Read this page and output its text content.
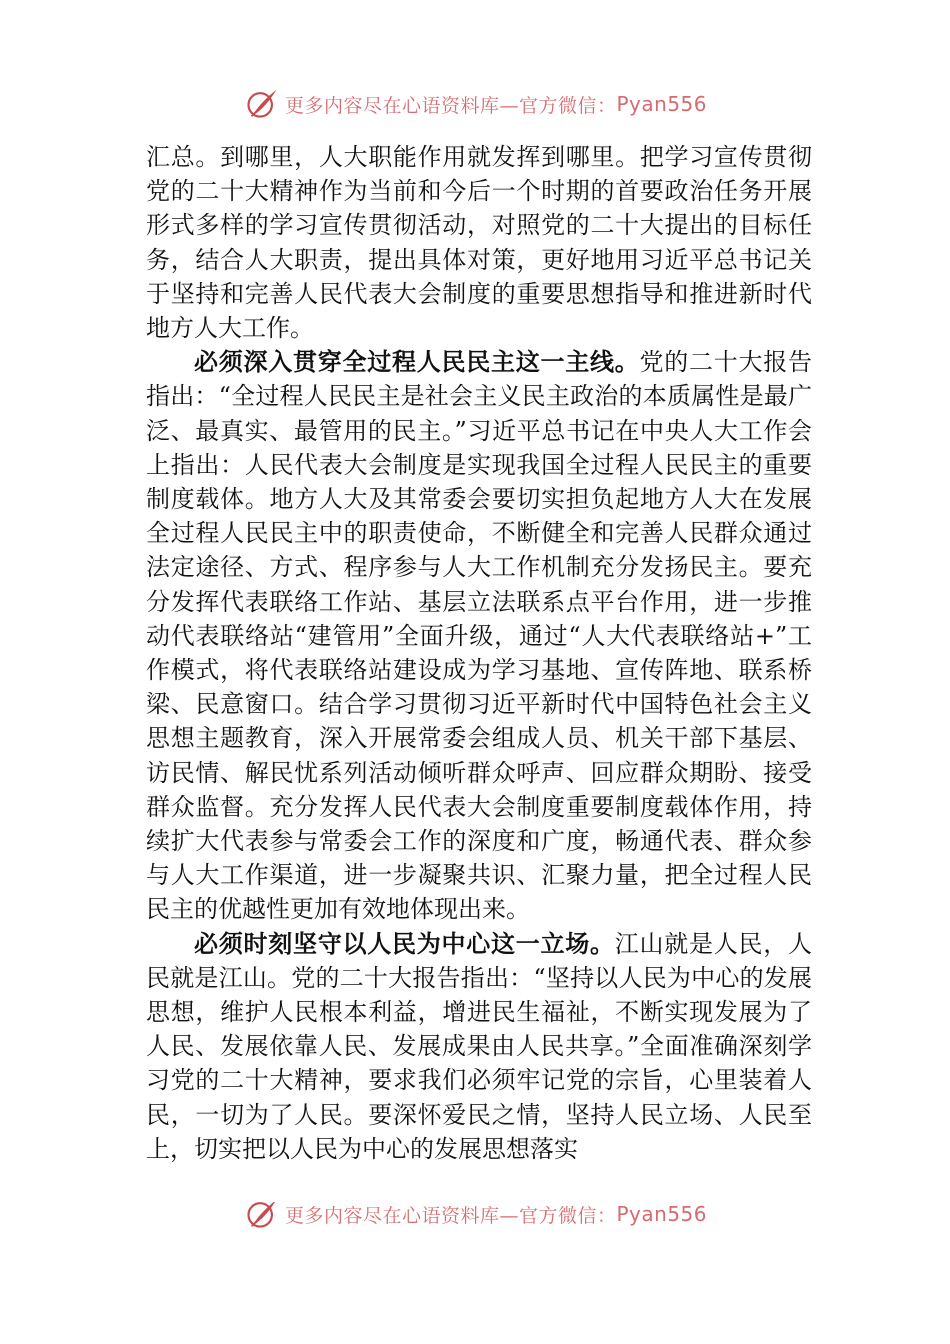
更多内容尽在心语资料库—官方微信： Pyan556

汇总。到哪里，人大职能作用就发挥到哪里。把学习宣传贯彻党的二十大精神作为当前和今后一个时期的首要政治任务开展形式多样的学习宣传贯彻活动，对照党的二十大提出的目标任务，结合人大职责，提出具体对策，更好地用习近平总书记关于坚持和完善人民代表大会制度的重要思想指导和推进新时代地方人大工作。

必须深入贯穿全过程人民民主这一主线。党的二十大报告指出：“全过程人民民主是社会主义民主政治的本质属性是最广泛、最真实、最管用的民主。”习近平总书记在中央人大工作会上指出：人民代表大会制度是实现我国全过程人民民主的重要制度载体。地方人大及其常委会要切实担负起地方人大在发展全过程人民民主中的职责使命，不断健全和完善人民群众通过法定途径、方式、程序参与人大工作机制充分发扬民主。要充分发挥代表联络工作站、基层立法联系点平台作用，进一步推动代表联络站“建管用”全面升级，通过“人大代表联络站+”工作模式，将代表联络站建设成为学习基地、宣传阵地、联系桥梁、民意窗口。结合学习贯彻习近平新时代中国特色社会主义思想主题教育，深入开展常委会组成人员、机关干部下基层、访民情、解民忧系列活动倾听群众呼声、回应群众期盼、接受群众监督。充分发挥人民代表大会制度重要制度载体作用，持续扩大代表参与常委会工作的深度和广度，畅通代表、群众参与人大工作渠道，进一步凝聚共识、汇聚力量，把全过程人民民主的优越性更加有效地体现出来。

必须时刻坚守以人民为中心这一立场。江山就是人民，人民就是江山。党的二十大报告指出：“坚持以人民为中心的发展思想，维护人民根本利益，增进民生福祉，不断实现发展为了人民、发展依靠人民、发展成果由人民共享。”全面准确深刻学习党的二十大精神，要求我们必须牢记党的宗旨，心里装着人民，一切为了人民。要深怀爱民之情，坚持人民立场、人民至上，切实把以人民为中心的发展思想落实

更多内容尽在心语资料库—官方微信： Pyan556
